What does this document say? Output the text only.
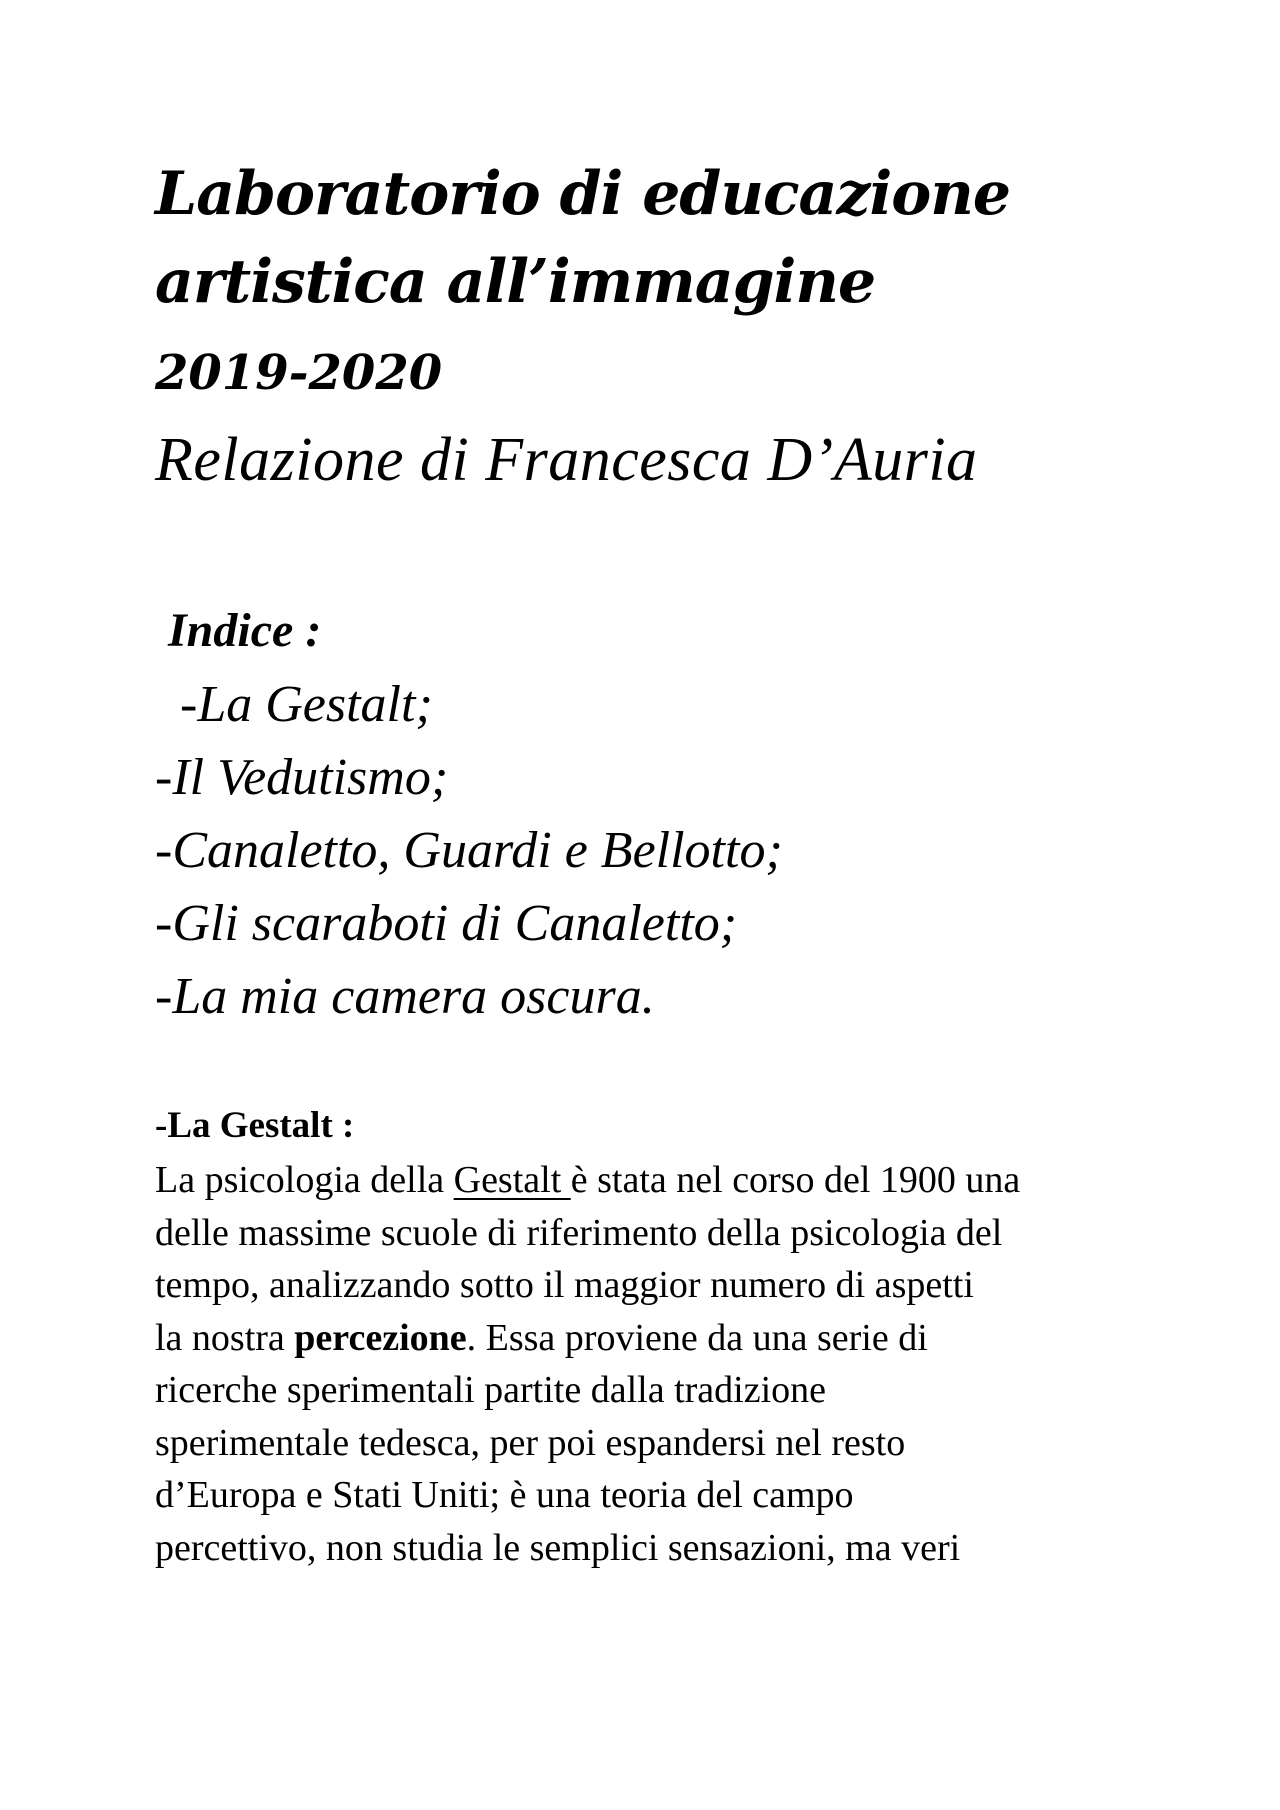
Laboratorio di educazione
artistica all’immagine
2019-2020
Relazione di Francesca D’Auria
Indice :
-La Gestalt;
-Il Vedutismo;
-Canaletto, Guardi e Bellotto;
-Gli scaraboti di Canaletto;
-La mia camera oscura.
-La Gestalt :

La psicologia della Gestalt è stata nel corso del 1900 una
delle massime scuole di riferimento della psicologia del
tempo, analizzando sotto il maggior numero di aspetti
la nostra percezione. Essa proviene da una serie di
ricerche sperimentali partite dalla tradizione
sperimentale tedesca, per poi espandersi nel resto
d’Europa e Stati Uniti; è una teoria del campo
percettivo, non studia le semplici sensazioni, ma veri
